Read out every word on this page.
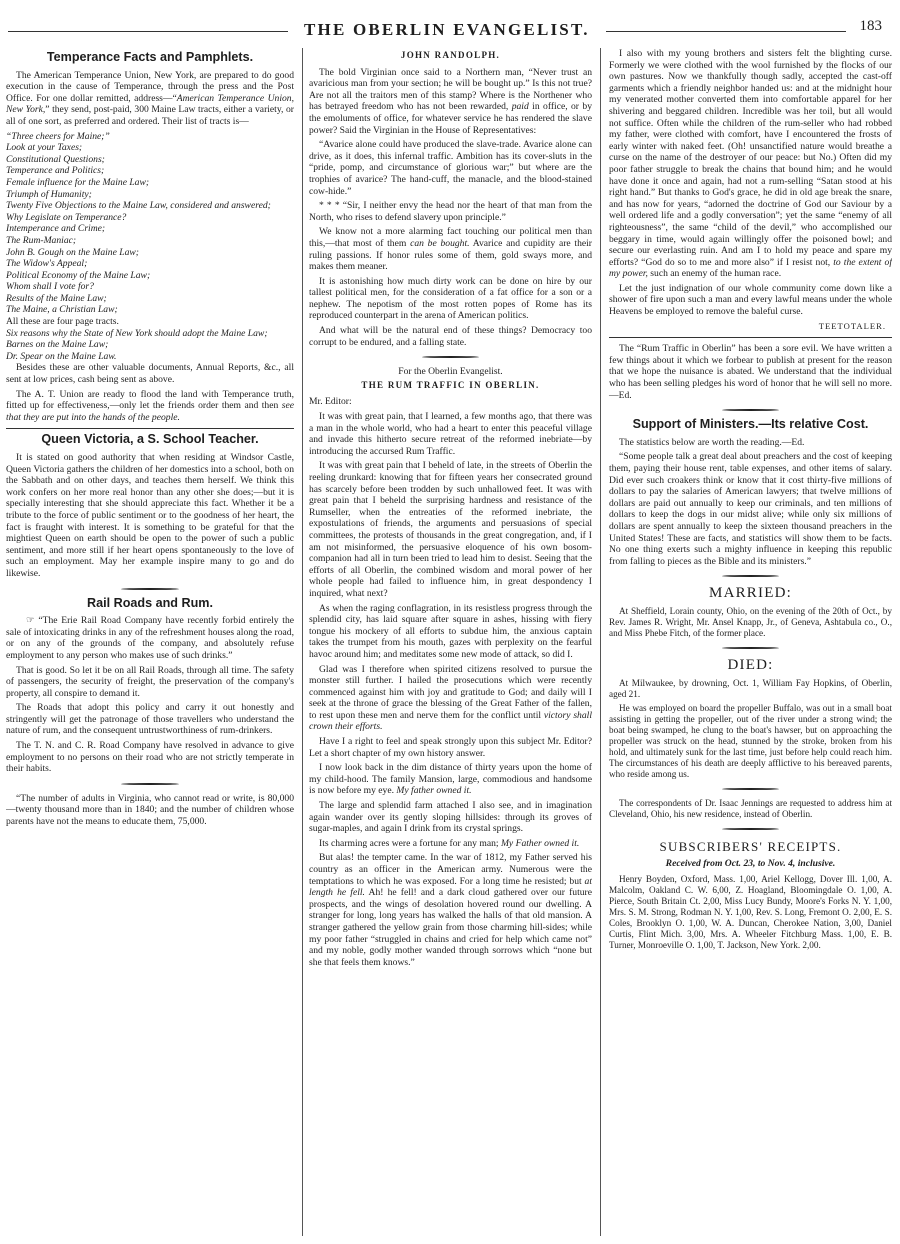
THE OBERLIN EVANGELIST.	183
Temperance Facts and Pamphlets.

The American Temperance Union, New York, are prepared to do good execution in the cause of Temperance, through the press and the Post Office. For one dollar remitted, address—“American Temperance Union, New York,” they send, post-paid, 300 Maine Law tracts, either a variety, or all of one sort, as preferred and ordered. Their list of tracts is—

“Three cheers for Maine;”
Look at your Taxes;
Constitutional Questions;
Temperance and Politics;
Female influence for the Maine Law;
Triumph of Humanity;
Twenty Five Objections to the Maine Law, considered and answered;
Why Legislate on Temperance?
Intemperance and Crime;
The Rum-Maniac;
John B. Gough on the Maine Law;
The Widow's Appeal;
Political Economy of the Maine Law;
Whom shall I vote for?
Results of the Maine Law;
The Maine, a Christian Law;
All these are four page tracts.
Six reasons why the State of New York should adopt the Maine Law;
Barnes on the Maine Law;
Dr. Spear on the Maine Law.

Besides these are other valuable documents, Annual Reports, &c., all sent at low prices, cash being sent as above.

The A. T. Union are ready to flood the land with Temperance truth, fitted up for effectiveness,—only let the friends order them and then see that they are put into the hands of the people.

Queen Victoria, a S. School Teacher.

It is stated on good authority that when residing at Windsor Castle, Queen Victoria gathers the children of her domestics into a school, both on the Sabbath and on other days, and teaches them herself. We think this work confers on her more real honor than any other she does;—but it is specially interesting that she should appreciate this fact. Whether it be a tribute to the force of public sentiment or to the goodness of her heart, the fact is fraught with interest. It is something to be grateful for that the mightiest Queen on earth should be open to the power of such a public sentiment, and more still if her heart opens spontaneously to the love of such an employment. May her example inspire many to go and do likewise.

Rail Roads and Rum.

☞ “The Erie Rail Road Company have recently forbid entirely the sale of intoxicating drinks in any of the refreshment houses along the road, or on any of the grounds of the company, and absolutely refuse employment to any person who makes use of such drinks.”

That is good. So let it be on all Rail Roads, through all time. The safety of passengers, the security of freight, the preservation of the company's property, all conspire to demand it.

The Roads that adopt this policy and carry it out honestly and stringently will get the patronage of those travellers who understand the nature of rum, and the consequent untrustworthiness of rum-drinkers.

The T. N. and C. R. Road Company have resolved in advance to give employment to no persons on their road who are not strictly temperate in their habits.

“The number of adults in Virginia, who cannot read or write, is 80,000—twenty thousand more than in 1840; and the number of children whose parents have not the means to educate them, 75,000.

JOHN RANDOLPH.

The bold Virginian once said to a Northern man, “Never trust an avaricious man from your section; he will be bought up.” Is this not true? Are not all the traitors men of this stamp? Where is the Northener who has betrayed freedom who has not been rewarded, paid in office, or by the emoluments of office, for whatever service he has rendered the slave power? Said the Virginian in the House of Representatives:

“Avarice alone could have produced the slave-trade. Avarice alone can drive, as it does, this infernal traffic. Ambition has its cover-sluts in the “pride, pomp, and circumstance of glorious war;” but where are the trophies of avarice? The hand-cuff, the manacle, and the blood-stained cow-hide.”

* * * “Sir, I neither envy the head nor the heart of that man from the North, who rises to defend slavery upon principle.”

We know not a more alarming fact touching our political men than this,—that most of them can be bought. Avarice and cupidity are their ruling passions. If honor rules some of them, gold sways more, and makes them meaner.

It is astonishing how much dirty work can be done on hire by our tallest political men, for the consideration of a fat office for a son or a nephew. The nepotism of the most rotten popes of Rome has its reproduced counterpart in the arena of American politics.

And what will be the natural end of these things? Democracy too corrupt to be endured, and a falling state.

For the Oberlin Evangelist.
THE RUM TRAFFIC IN OBERLIN.

Mr. Editor:

It was with great pain, that I learned, a few months ago, that there was a man in the whole world, who had a heart to enter this peaceful village and invade this hitherto secure retreat of the reformed inebriate—by introducing the accursed Rum Traffic.

It was with great pain that I beheld of late, in the streets of Oberlin the reeling drunkard: knowing that for fifteen years her consecrated ground has scarcely before been trodden by such unhallowed feet. It was with great pain that I beheld the surprising hardness and resistance of the Rumseller, when the entreaties of the reformed inebriate, the expostulations of friends, the arguments and persuasions of special committees, the protests of thousands in the great congregation, and, if I am not misinformed, the persuasive eloquence of his own bosom-companion had all in turn been tried to lead him to desist. Seeing that the efforts of all Oberlin, the combined wisdom and moral power of her whole people had failed to influence him, in great despondency I inquired, what next?

As when the raging conflagration, in its resistless progress through the splendid city, has laid square after square in ashes, hissing with fiery tongue his mockery of all efforts to subdue him, the anxious captain takes the trumpet from his mouth, gazes with perplexity on the fearful havoc around him; and meditates some new mode of attack, so did I.

Glad was I therefore when spirited citizens resolved to pursue the monster still further. I hailed the prosecutions which were recently commenced against him with joy and gratitude to God; and daily will I seek at the throne of grace the blessing of the Great Father of the fallen, to rest upon these men and nerve them for the conflict until victory shall crown their efforts.

Have I a right to feel and speak strongly upon this subject Mr. Editor? Let a short chapter of my own history answer.

I now look back in the dim distance of thirty years upon the home of my child-hood. The family Mansion, large, commodious and handsome is now before my eye. My father owned it.

The large and splendid farm attached I also see, and in imagination again wander over its gently sloping hillsides: through its groves of sugar-maples, and again I drink from its crystal springs.

Its charming acres were a fortune for any man; My Father owned it.

But alas! the tempter came. In the war of 1812, my Father served his country as an officer in the American army. Numerous were the temptations to which he was exposed. For a long time he resisted; but at length he fell. Ah! he fell! and a dark cloud gathered over our future prospects, and the wings of desolation hovered round our dwelling. A stranger for long, long years has walked the halls of that old mansion. A stranger gathered the yellow grain from those charming hill-sides; while my poor father “struggled in chains and cried for help which came not” and my noble, godly mother wanded through sorrows which “none but she that feels them knows.”

I also with my young brothers and sisters felt the blighting curse. Formerly we were clothed with the wool furnished by the flocks of our own pastures. Now we thankfully though sadly, accepted the cast-off garments which a friendly neighbor handed us: and at the midnight hour my venerated mother converted them into comfortable apparel for her shivering and beggared children. Incredible was her toil, but all would not suffice. Often while the children of the rum-seller who had robbed my father, were clothed with comfort, have I encountered the frosts of early winter with naked feet. (Oh! unsanctified nature would breathe a curse on the name of the destroyer of our peace: but No.) Often did my poor father struggle to break the chains that bound him; and he would have done it once and again, had not a rum-selling “Satan stood at his right hand.” But thanks to God's grace, he did in old age break the snare, and has now for years, “adorned the doctrine of God our Saviour by a well ordered life and a godly conversation”; yet the same “enemy of all righteousness”, the same “child of the devil,” who accomplished our beggary in time, would again willingly offer the poisoned bowl; and secure our everlasting ruin. And am I to hold my peace and spare my efforts? “God do so to me and more also” if I resist not, to the extent of my power, such an enemy of the human race.

Let the just indignation of our whole community come down like a shower of fire upon such a man and every lawful means under the whole Heavens be employed to remove the baleful curse.

TEETOTALER.

The “Rum Traffic in Oberlin” has been a sore evil. We have written a few things about it which we forbear to publish at present for the reason that we hope the nuisance is abated. We understand that the individual who has been selling pledges his word of honor that he will sell no more.—Ed.

Support of Ministers.—Its relative Cost.

The statistics below are worth the reading.—Ed.

“Some people talk a great deal about preachers and the cost of keeping them, paying their house rent, table expenses, and other items of salary. Did ever such croakers think or know that it cost thirty-five millions of dollars to pay the salaries of American lawyers; that twelve millions of dollars are paid out annually to keep our criminals, and ten millions of dollars to keep the dogs in our midst alive; while only six millions of dollars are spent annually to keep the sixteen thousand preachers in the United States! These are facts, and statistics will show them to be facts. No one thing exerts such a mighty influence in keeping this republic from falling to pieces as the Bible and its ministers.”

MARRIED:

At Sheffield, Lorain county, Ohio, on the evening of the 20th of Oct., by Rev. James R. Wright, Mr. Ansel Knapp, Jr., of Geneva, Ashtabula co., O., and Miss Phebe Fitch, of the former place.

DIED:

At Milwaukee, by drowning, Oct. 1, William Fay Hopkins, of Oberlin, aged 21.

He was employed on board the propeller Buffalo, was out in a small boat assisting in getting the propeller, out of the river under a strong wind; the boat being swamped, he clung to the boat's hawser, but on approaching the propeller was struck on the head, stunned by the stroke, broken from his hold, and ultimately sunk for the last time, just before help could reach him. The circumstances of his death are deeply afflictive to his bereaved parents, who reside among us.

The correspondents of Dr. Isaac Jennings are requested to address him at Cleveland, Ohio, his new residence, instead of Oberlin.

SUBSCRIBERS' RECEIPTS.
Received from Oct. 23, to Nov. 4, inclusive.

Henry Boyden, Oxford, Mass. 1,00, Ariel Kellogg, Dover Ill. 1,00, A. Malcolm, Oakland C. W. 6,00, Z. Hoagland, Bloomingdale O. 1,00, A. Pierce, South Britain Ct. 2,00, Miss Lucy Bundy, Moore's Forks N. Y. 1,00, Mrs. S. M. Strong, Rodman N. Y. 1,00, Rev. S. Long, Fremont O. 2,00, E. S. Coles, Brooklyn O. 1,00, W. A. Duncan, Cherokee Nation, 3,00, Daniel Curtis, Flint Mich. 3,00, Mrs. A. Wheeler Fitchburg Mass. 1,00, E. B. Turner, Monroeville O. 1,00, T. Jackson, New York. 2,00.
